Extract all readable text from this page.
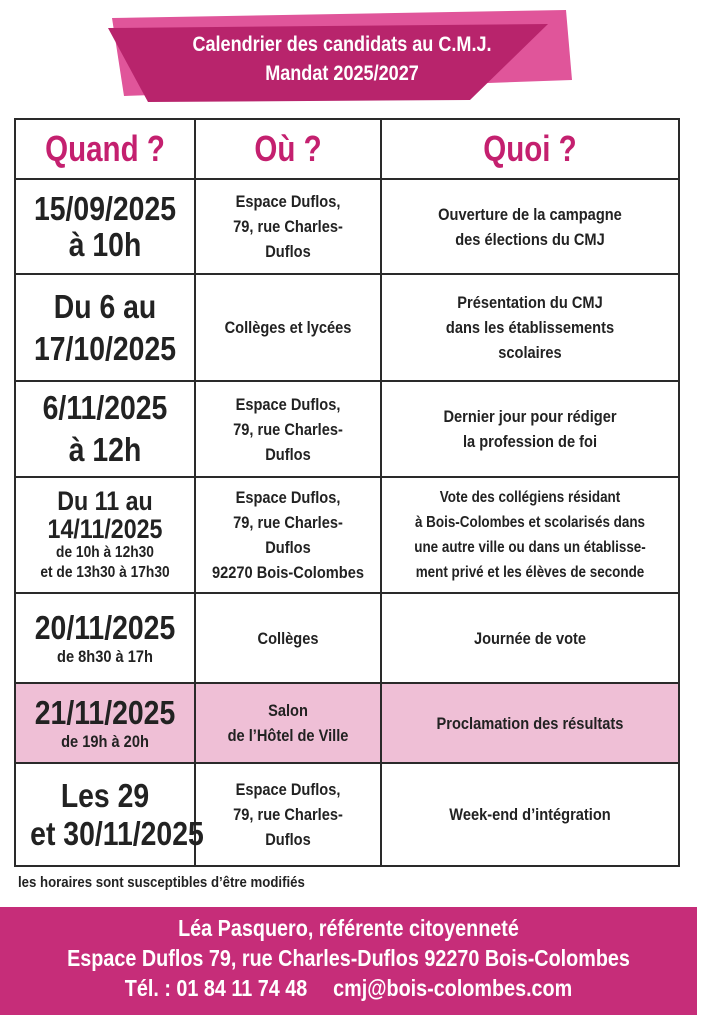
Calendrier des candidats au C.M.J.
Mandat 2025/2027
Quand ?	Où ?	Quoi ?

15/09/2025
à 10h	Espace Duflos,
79, rue Charles-Duflos	Ouverture de la campagne
des élections du CMJ

Du 6 au
17/10/2025	Collèges et lycées	Présentation du CMJ
dans les établissements
scolaires

6/11/2025
à 12h	Espace Duflos,
79, rue Charles-Duflos	Dernier jour pour rédiger
la profession de foi

Du 11 au
14/11/2025
de 10h à 12h30
et de 13h30 à 17h30	Espace Duflos,
79, rue Charles-Duflos
92270 Bois-Colombes	Vote des collégiens résidant
à Bois-Colombes et scolarisés dans
une autre ville ou dans un établisse-
ment privé et les élèves de seconde

20/11/2025
de 8h30 à 17h	Collèges	Journée de vote

21/11/2025
de 19h à 20h	Salon
de l’Hôtel de Ville	Proclamation des résultats

Les 29
et 30/11/2025	Espace Duflos,
79, rue Charles-Duflos	Week-end d’intégration
les horaires sont susceptibles d’être modifiés
Léa Pasquero, référente citoyenneté
Espace Duflos 79, rue Charles-Duflos 92270 Bois-Colombes
Tél. : 01 84 11 74 48 cmj@bois-colombes.com
